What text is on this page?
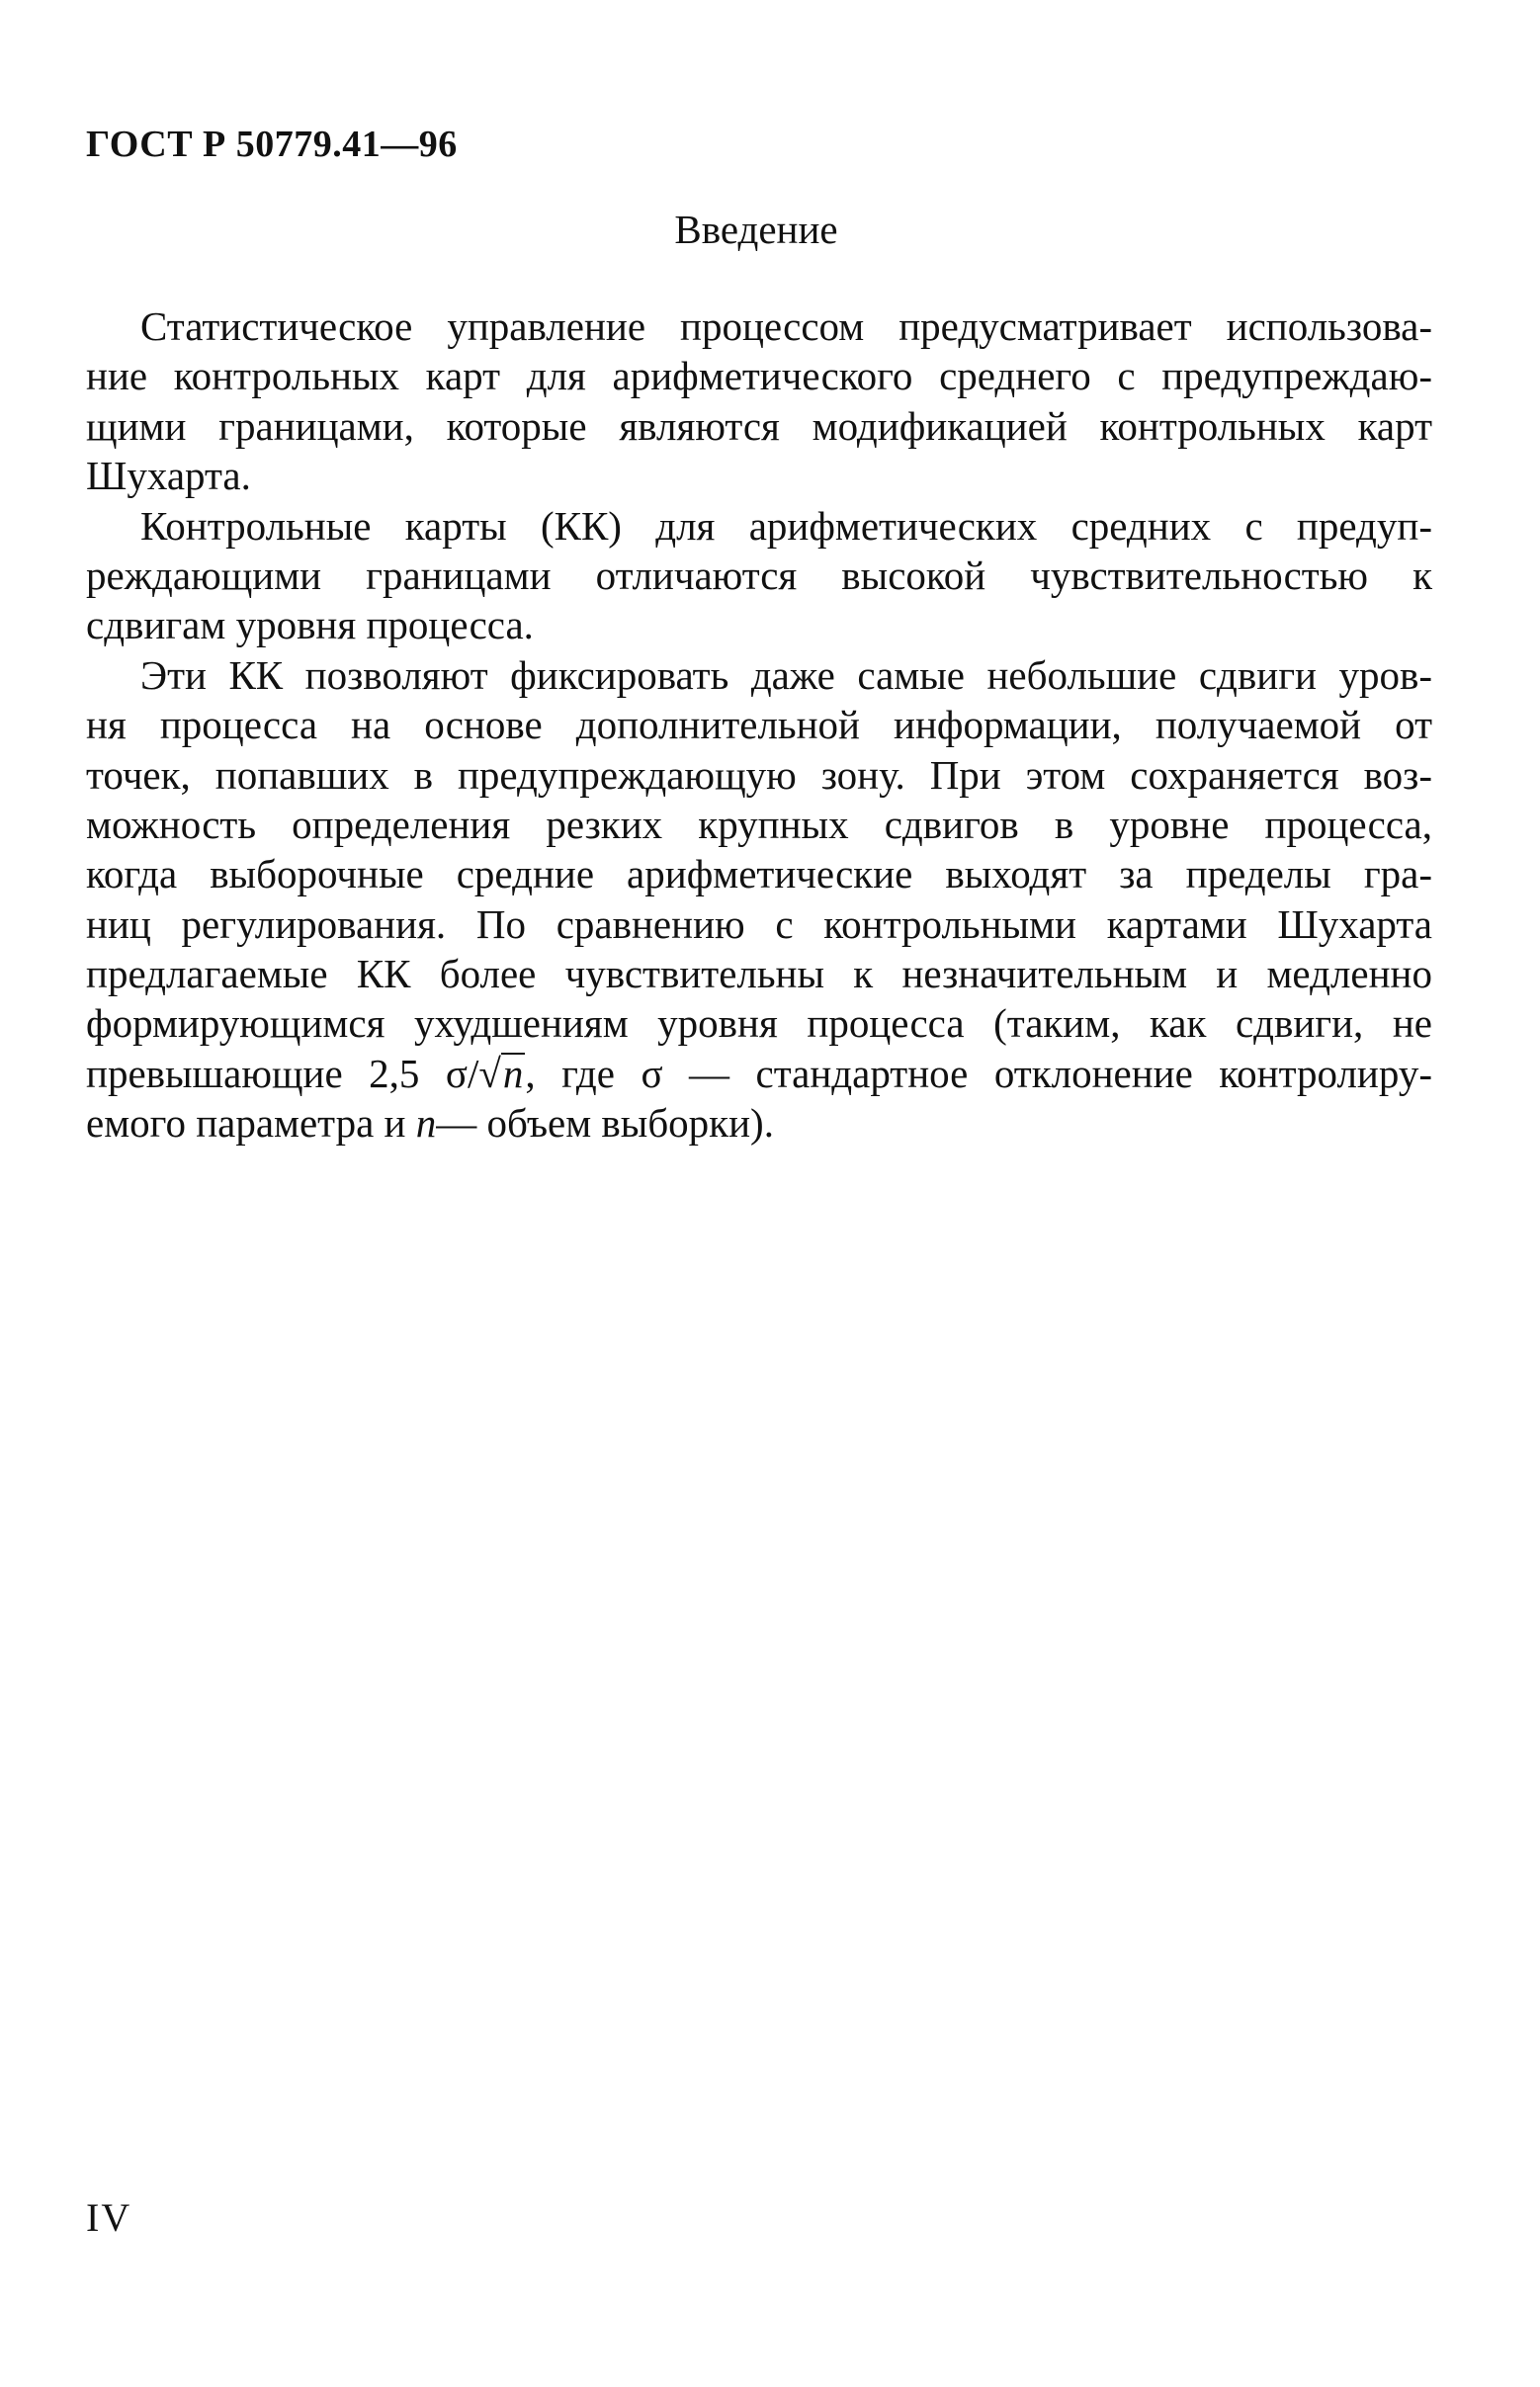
ГОСТ Р 50779.41—96
Введение
Статистическое управление процессом предусматривает использова-
ние контрольных карт для арифметического среднего с предупреждаю-
щими границами, которые являются модификацией контрольных карт
Шухарта.
Контрольные карты (КК) для арифметических средних с предуп-
реждающими границами отличаются высокой чувствительностью к
сдвигам уровня процесса.
Эти КК позволяют фиксировать даже самые небольшие сдвиги уров-
ня процесса на основе дополнительной информации, получаемой от
точек, попавших в предупреждающую зону. При этом сохраняется воз-
можность определения резких крупных сдвигов в уровне процесса,
когда выборочные средние арифметические выходят за пределы гра-
ниц регулирования. По сравнению с контрольными картами Шухарта
предлагаемые КК более чувствительны к незначительным и медленно
формирующимся ухудшениям уровня процесса (таким, как сдвиги, не
превышающие 2,5 σ/√n, где σ — стандартное отклонение контролиру-
емого параметра и n— объем выборки).
IV
